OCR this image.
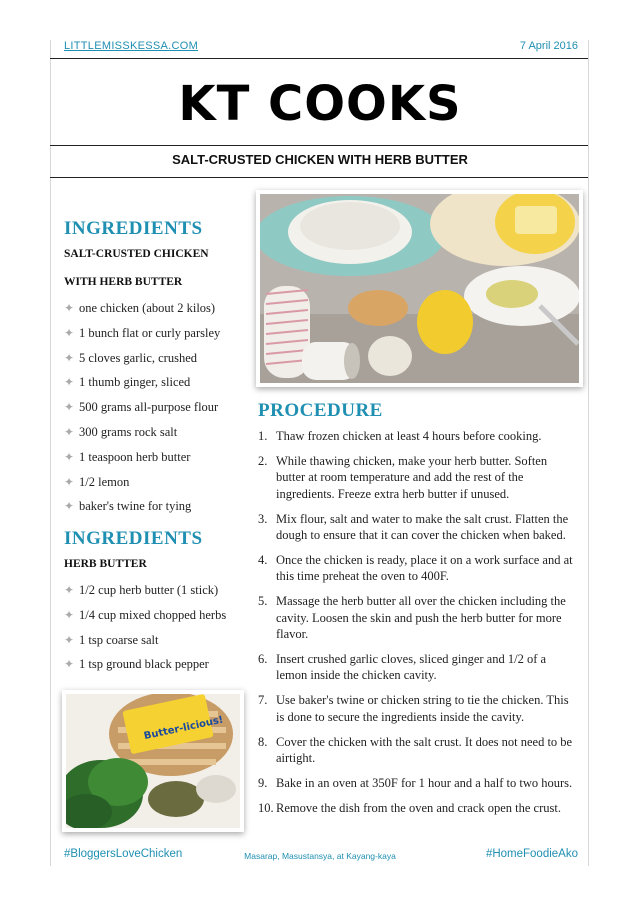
LITTLEMISSKESSA.COM	7 April 2016
KT COOKS
SALT-CRUSTED CHICKEN WITH HERB BUTTER
INGREDIENTS
SALT-CRUSTED CHICKEN
WITH HERB BUTTER
✦ one chicken (about 2 kilos)
✦ 1 bunch flat or curly parsley
✦ 5 cloves garlic, crushed
✦ 1 thumb ginger, sliced
✦ 500 grams all-purpose flour
✦ 300 grams rock salt
✦ 1 teaspoon herb butter
✦ 1/2 lemon
✦ baker's twine for tying
INGREDIENTS
HERB BUTTER
✦ 1/2 cup herb butter (1 stick)
✦ 1/4 cup mixed chopped herbs
✦ 1 tsp coarse salt
✦ 1 tsp ground black pepper
Butter-licious!
PROCEDURE
1. Thaw frozen chicken at least 4 hours before cooking.
2. While thawing chicken, make your herb butter. Soften butter at room temperature and add the rest of the ingredients. Freeze extra herb butter if unused.
3. Mix flour, salt and water to make the salt crust. Flatten the dough to ensure that it can cover the chicken when baked.
4. Once the chicken is ready, place it on a work surface and at this time preheat the oven to 400F.
5. Massage the herb butter all over the chicken including the cavity. Loosen the skin and push the herb butter for more flavor.
6. Insert crushed garlic cloves, sliced ginger and 1/2 of a lemon inside the chicken cavity.
7. Use baker's twine or chicken string to tie the chicken. This is done to secure the ingredients inside the cavity.
8. Cover the chicken with the salt crust. It does not need to be airtight.
9. Bake in an oven at 350F for 1 hour and a half to two hours.
10. Remove the dish from the oven and crack open the crust.
#BloggersLoveChicken	Masarap, Masustansya, at Kayang-kaya	#HomeFoodieAko
